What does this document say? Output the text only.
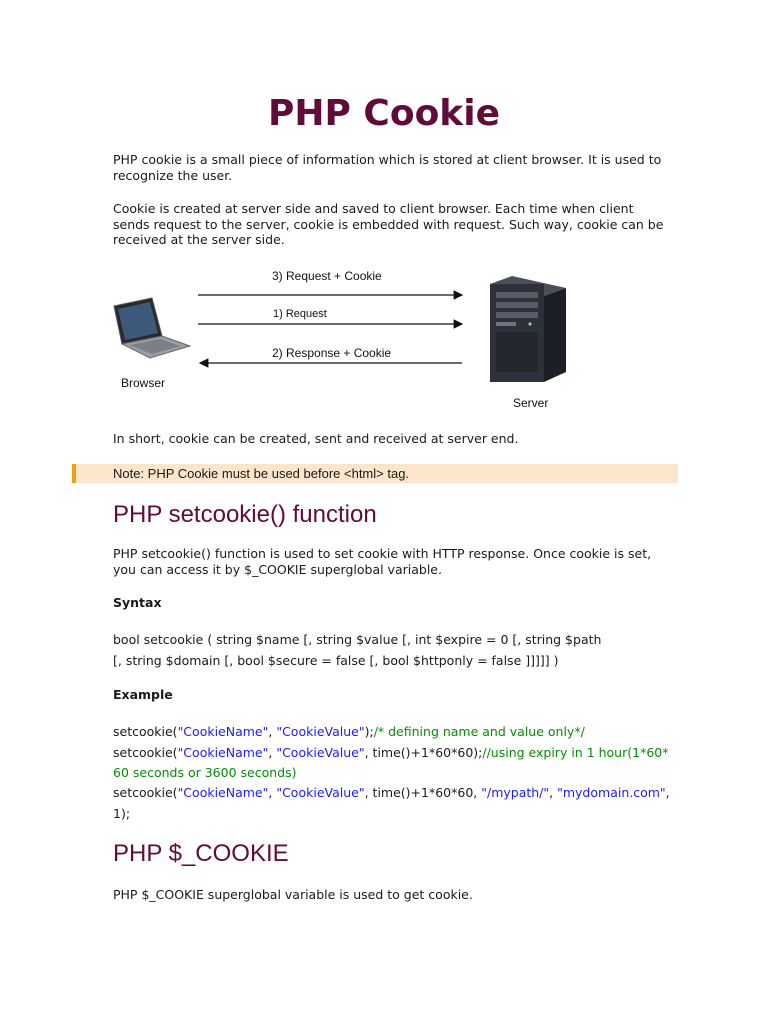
PHP Cookie
PHP cookie is a small piece of information which is stored at client browser. It is used to recognize the user.
Cookie is created at server side and saved to client browser. Each time when client sends request to the server, cookie is embedded with request. Such way, cookie can be received at the server side.
3) Request + Cookie
1) Request
2) Response + Cookie
Browser
Server
In short, cookie can be created, sent and received at server end.
Note: PHP Cookie must be used before <html> tag.
PHP setcookie() function
PHP setcookie() function is used to set cookie with HTTP response. Once cookie is set, you can access it by $_COOKIE superglobal variable.
Syntax
bool setcookie ( string $name [, string $value [, int $expire = 0 [, string $path
[, string $domain [, bool $secure = false [, bool $httponly = false ]]]]] )
Example
setcookie("CookieName", "CookieValue");/* defining name and value only*/
setcookie("CookieName", "CookieValue", time()+1*60*60);//using expiry in 1 hour(1*60*
60 seconds or 3600 seconds)
setcookie("CookieName", "CookieValue", time()+1*60*60, "/mypath/", "mydomain.com",
1);
PHP $_COOKIE
PHP $_COOKIE superglobal variable is used to get cookie.
